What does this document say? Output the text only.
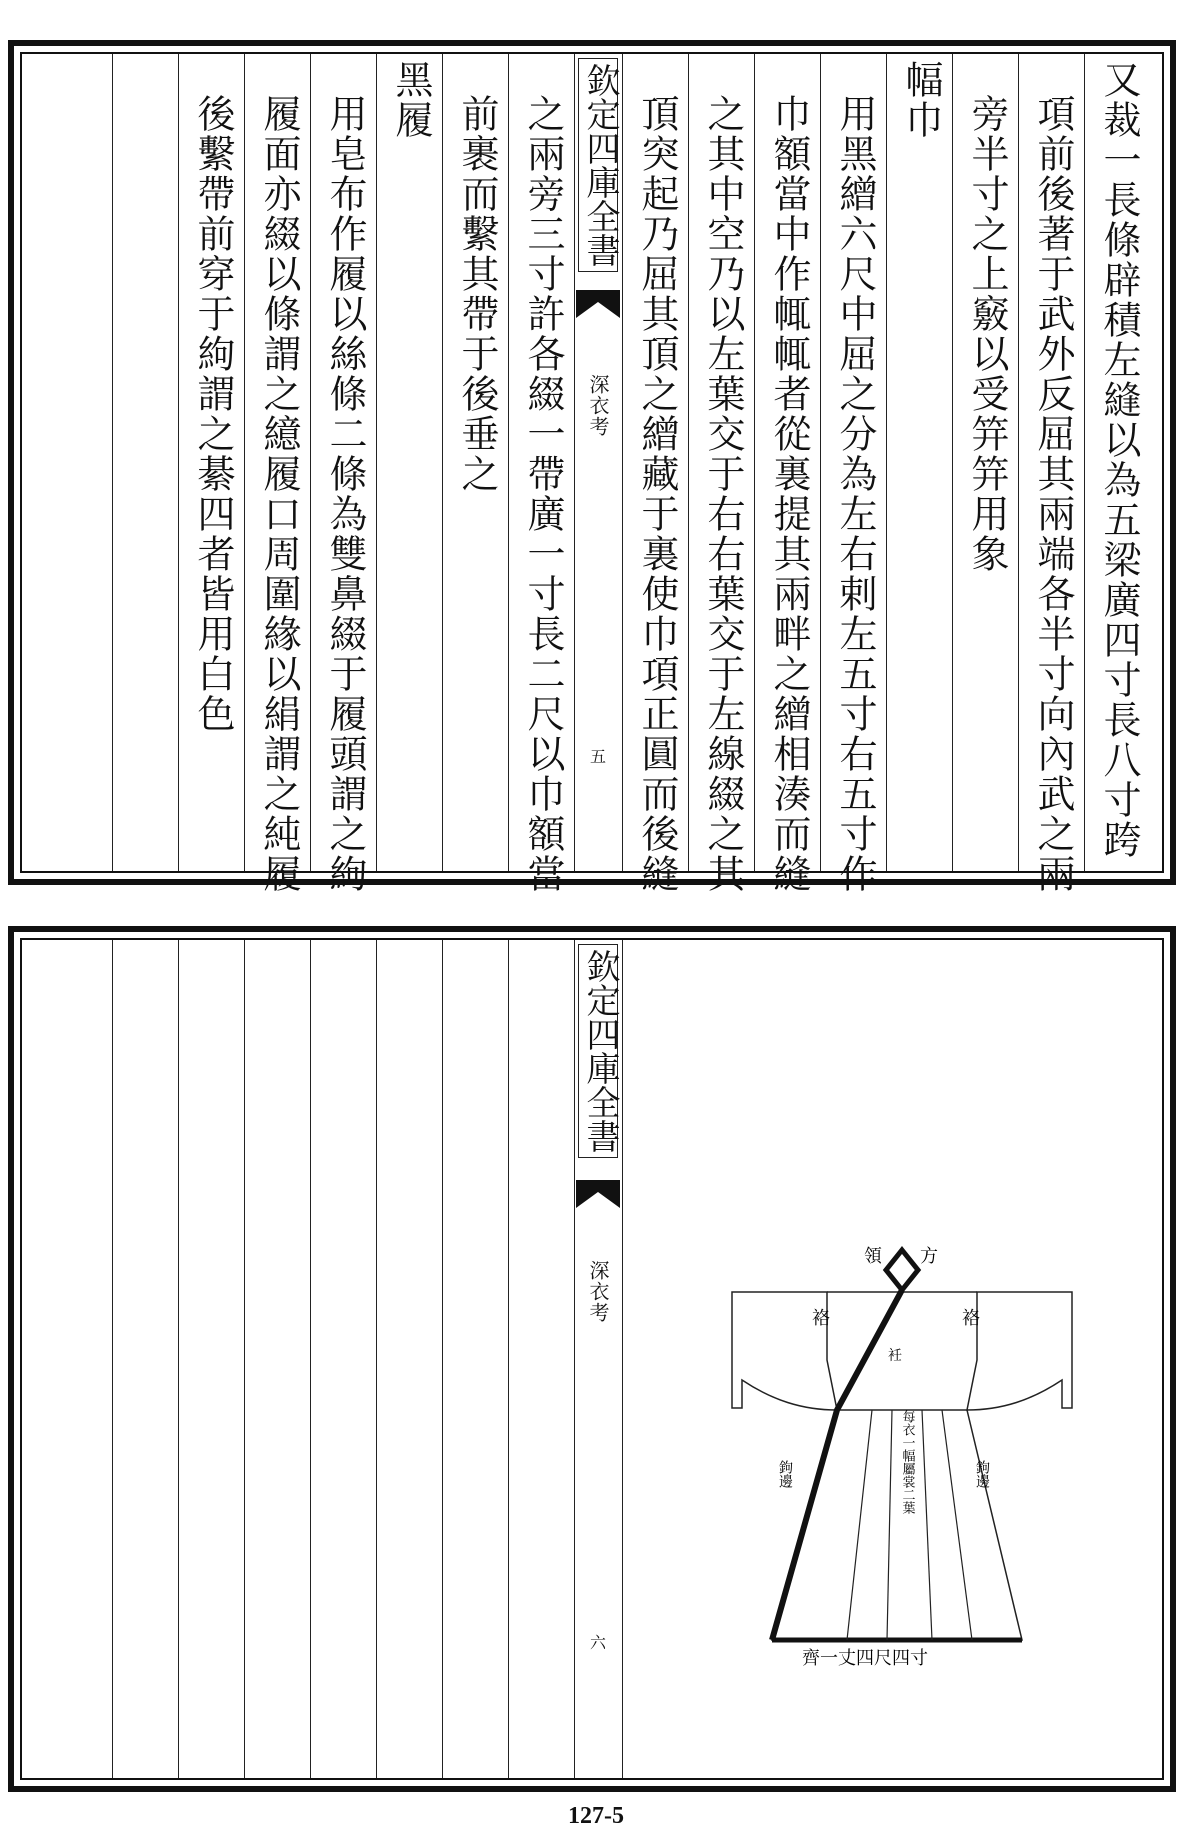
又裁一長條辟積左縫以為五梁廣四寸長八寸跨
項前後著于武外反屈其兩端各半寸向內武之兩
旁半寸之上竅以受笄笄用象
幅巾
用黑繒六尺中屈之分為左右剌左五寸右五寸作
巾額當中作㡇㡇者從裏提其兩畔之繒相湊而縫
之其中空乃以左葉交于右右葉交于左線綴之其
頂突起乃屈其頂之繒藏于裏使巾項正圓而後縫
欽定四庫全書
深衣考
五
之兩旁三寸許各綴一帶廣一寸長二尺以巾額當
前裹而繫其帶于後垂之
黑履
用皂布作履以絲條二條為雙鼻綴于履頭謂之絇
履面亦綴以條謂之繶履口周圍緣以絹謂之純履
後繫帶前穿于絇謂之綦四者皆用白色
欽定四庫全書
深衣考
六
方
領
袼	袼
衽
鉤邊	鉤邊
每衣一幅屬裳二葉
齊一丈四尺四寸
127-5
